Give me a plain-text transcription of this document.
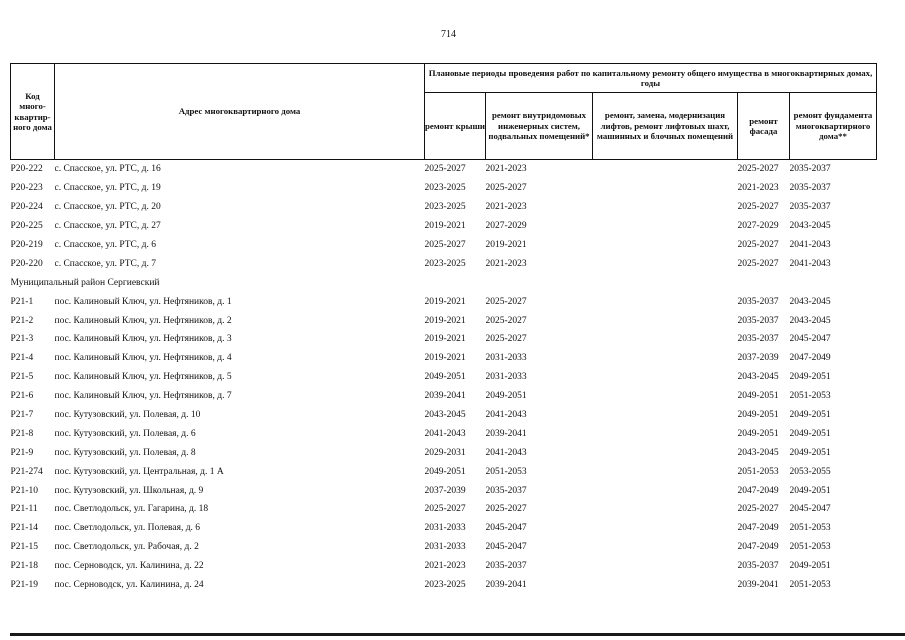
714
Код много-квартир-ного дома	Адрес многоквартирного дома	Плановые периоды проведения работ по капитальному ремонту общего имущества в многоквартирных домах, годы				
		ремонт крыши	ремонт внутридомовых инженерных систем, подвальных помещений*	ремонт, замена, модернизация лифтов, ремонт лифтовых шахт, машинных и блочных помещений	ремонт фасада	ремонт фундамента многоквартирного дома**
Р20-222	с. Спасское, ул. РТС, д. 16	2025-2027	2021-2023		2025-2027	2035-2037
Р20-223	с. Спасское, ул. РТС, д. 19	2023-2025	2025-2027		2021-2023	2035-2037
Р20-224	с. Спасское, ул. РТС, д. 20	2023-2025	2021-2023		2025-2027	2035-2037
Р20-225	с. Спасское, ул. РТС, д. 27	2019-2021	2027-2029		2027-2029	2043-2045
Р20-219	с. Спасское, ул. РТС, д. 6	2025-2027	2019-2021		2025-2027	2041-2043
Р20-220	с. Спасское, ул. РТС, д. 7	2023-2025	2021-2023		2025-2027	2041-2043
Муниципальный район Сергиевский						
Р21-1	пос. Калиновый Ключ, ул. Нефтяников, д. 1	2019-2021	2025-2027		2035-2037	2043-2045
Р21-2	пос. Калиновый Ключ, ул. Нефтяников, д. 2	2019-2021	2025-2027		2035-2037	2043-2045
Р21-3	пос. Калиновый Ключ, ул. Нефтяников, д. 3	2019-2021	2025-2027		2035-2037	2045-2047
Р21-4	пос. Калиновый Ключ, ул. Нефтяников, д. 4	2019-2021	2031-2033		2037-2039	2047-2049
Р21-5	пос. Калиновый Ключ, ул. Нефтяников, д. 5	2049-2051	2031-2033		2043-2045	2049-2051
Р21-6	пос. Калиновый Ключ, ул. Нефтяников, д. 7	2039-2041	2049-2051		2049-2051	2051-2053
Р21-7	пос. Кутузовский, ул. Полевая, д. 10	2043-2045	2041-2043		2049-2051	2049-2051
Р21-8	пос. Кутузовский, ул. Полевая, д. 6	2041-2043	2039-2041		2049-2051	2049-2051
Р21-9	пос. Кутузовский, ул. Полевая, д. 8	2029-2031	2041-2043		2043-2045	2049-2051
Р21-274	пос. Кутузовский, ул. Центральная, д. 1 А	2049-2051	2051-2053		2051-2053	2053-2055
Р21-10	пос. Кутузовский, ул. Школьная, д. 9	2037-2039	2035-2037		2047-2049	2049-2051
Р21-11	пос. Светлодольск, ул. Гагарина, д. 18	2025-2027	2025-2027		2025-2027	2045-2047
Р21-14	пос. Светлодольск, ул. Полевая, д. 6	2031-2033	2045-2047		2047-2049	2051-2053
Р21-15	пос. Светлодольск, ул. Рабочая, д. 2	2031-2033	2045-2047		2047-2049	2051-2053
Р21-18	пос. Серноводск, ул. Калинина, д. 22	2021-2023	2035-2037		2035-2037	2049-2051
Р21-19	пос. Серноводск, ул. Калинина, д. 24	2023-2025	2039-2041		2039-2041	2051-2053
